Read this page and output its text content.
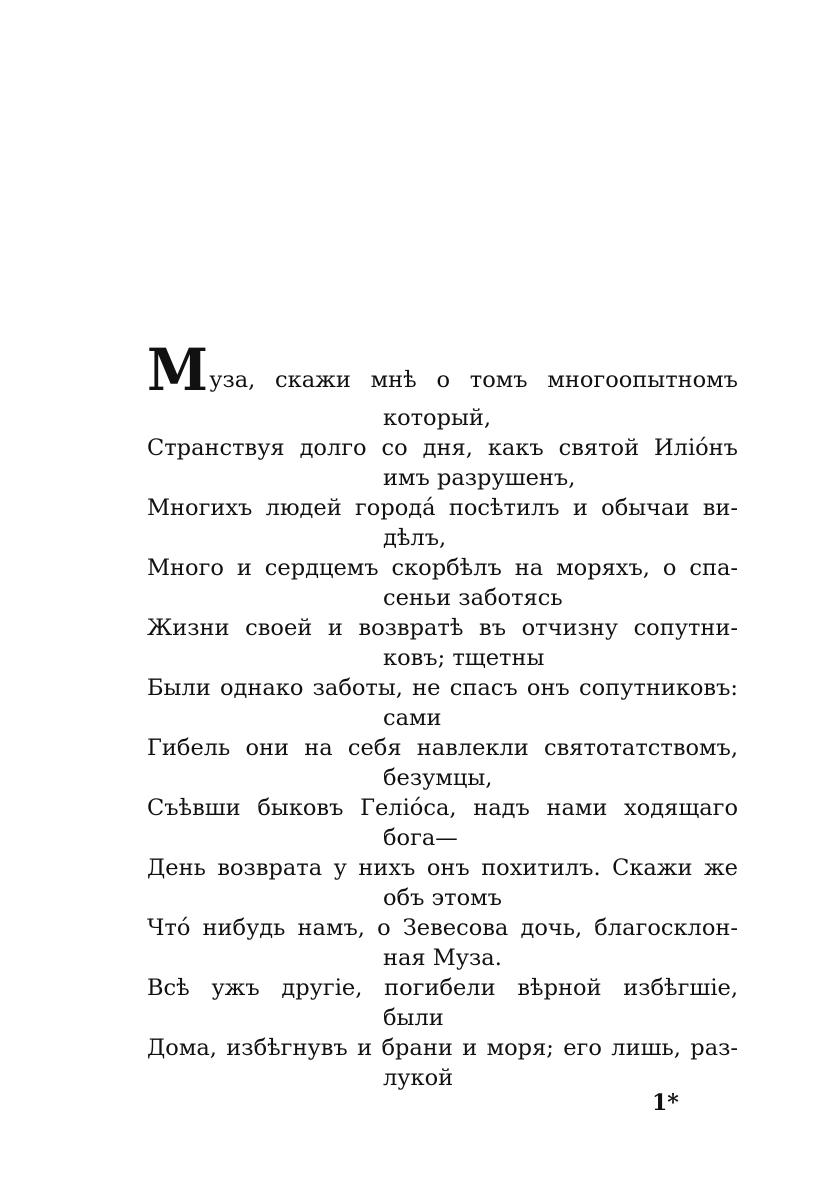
Муза, скажи мнѣ о томъ многоопытномъ
который,
Странствуя долго со дня, какъ святой Иліо́нъ
имъ разрушенъ,
Многихъ людей города́ посѣтилъ и обычаи ви-
дѣлъ,
Много и сердцемъ скорбѣлъ на моряхъ, о спа-
сеньи заботясь
Жизни своей и возвратѣ въ отчизну сопутни-
ковъ; тщетны
Были однако заботы, не спасъ онъ сопутниковъ:
сами
Гибель они на себя навлекли святотатствомъ,
безумцы,
Съѣвши быковъ Геліо́са, надъ нами ходящаго
бога—
День возврата у нихъ онъ похитилъ. Скажи же
объ этомъ
Что́ нибудь намъ, о Зевесова дочь, благосклон-
ная Муза.
Всѣ ужъ другіе, погибели вѣрной избѣгшіе,
были
Дома, избѣгнувъ и брани и моря; его лишь, раз-
лукой
1*
